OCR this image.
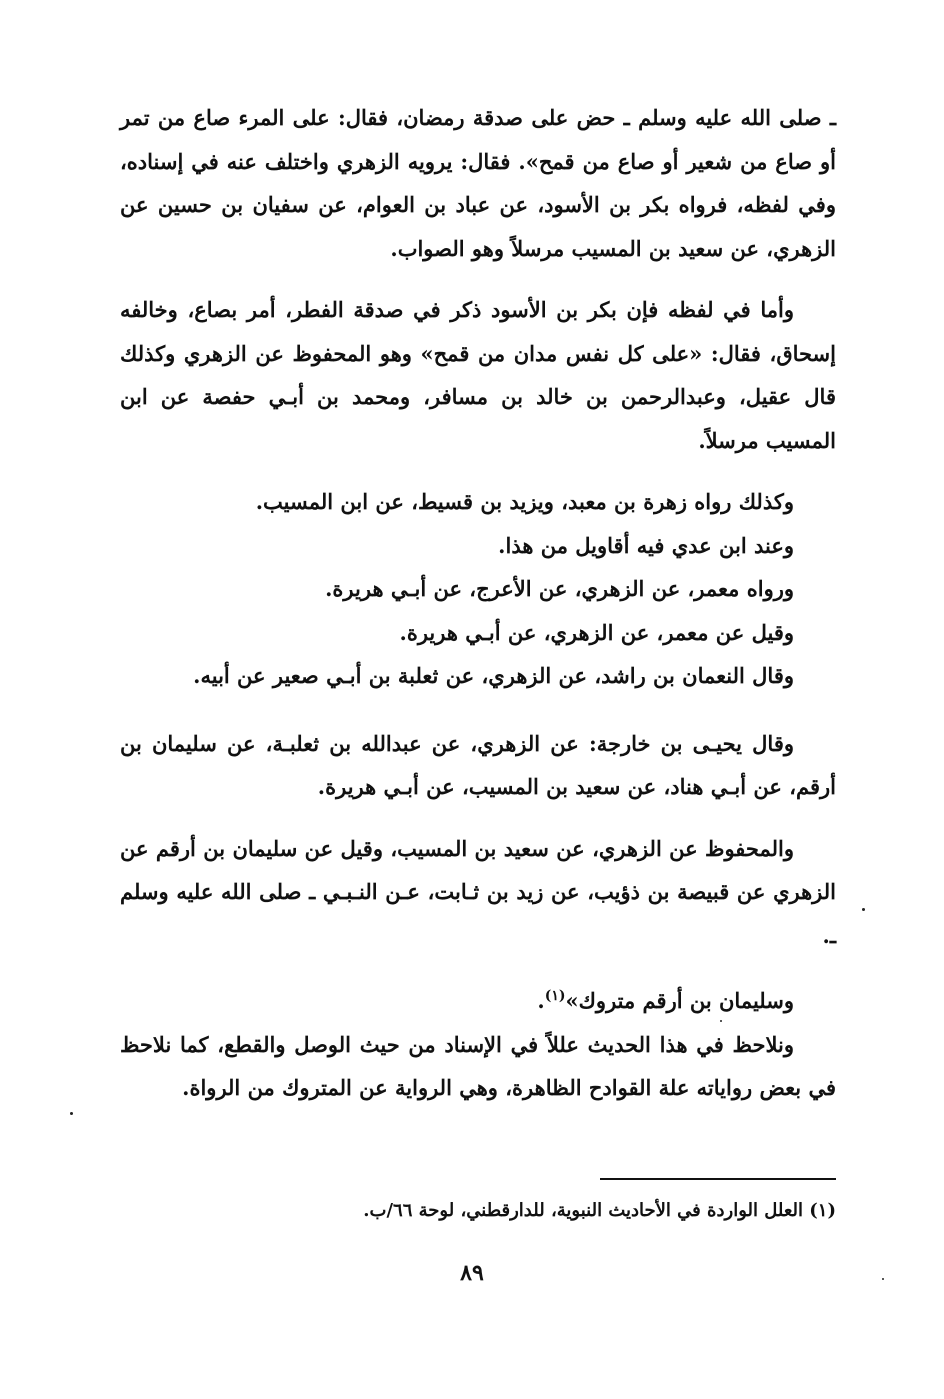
ـ صلى الله عليه وسلم ـ حض على صدقة رمضان، فقال: على المرء صاع من تمر أو صاع من شعير أو صاع من قمح». فقال: يرويه الزهري واختلف عنه في إسناده، وفي لفظه، فرواه بكر بن الأسود، عن عباد بن العوام، عن سفيان بن حسين عن الزهري، عن سعيد بن المسيب مرسلاً وهو الصواب.

وأما في لفظه فإن بكر بن الأسود ذكر في صدقة الفطر، أمر بصاع، وخالفه إسحاق، فقال: «على كل نفس مدان من قمح» وهو المحفوظ عن الزهري وكذلك قال عقيل، وعبدالرحمن بن خالد بن مسافر، ومحمد بن أبـي حفصة عن ابن المسيب مرسلاً.

وكذلك رواه زهرة بن معبد، ويزيد بن قسيط، عن ابن المسيب.

وعند ابن عدي فيه أقاويل من هذا.

ورواه معمر، عن الزهري، عن الأعرج، عن أبـي هريرة.

وقيل عن معمر، عن الزهري، عن أبـي هريرة.

وقال النعمان بن راشد، عن الزهري، عن ثعلبة بن أبـي صعير عن أبيه.

وقال يحيـى بن خارجة: عن الزهري، عن عبدالله بن ثعلبـة، عن سليمان بن أرقم، عن أبـي هناد، عن سعيد بن المسيب، عن أبـي هريرة.

والمحفوظ عن الزهري، عن سعيد بن المسيب، وقيل عن سليمان بن أرقم عن الزهري عن قبيصة بن ذؤيب، عن زيد بن ثـابت، عـن النـبـي ـ صلى الله عليه وسلم ـ.

وسليمان بن أرقم متروك»$^{(١)}$.

ونلاحظ في هذا الحديث عللاً في الإسناد من حيث الوصل والقطع، كما نلاحظ في بعض رواياته علة القوادح الظاهرة، وهي الرواية عن المتروك من الرواة.

(١) العلل الواردة في الأحاديث النبوية، للدارقطني، لوحة ٦٦/ب.
٨٩
